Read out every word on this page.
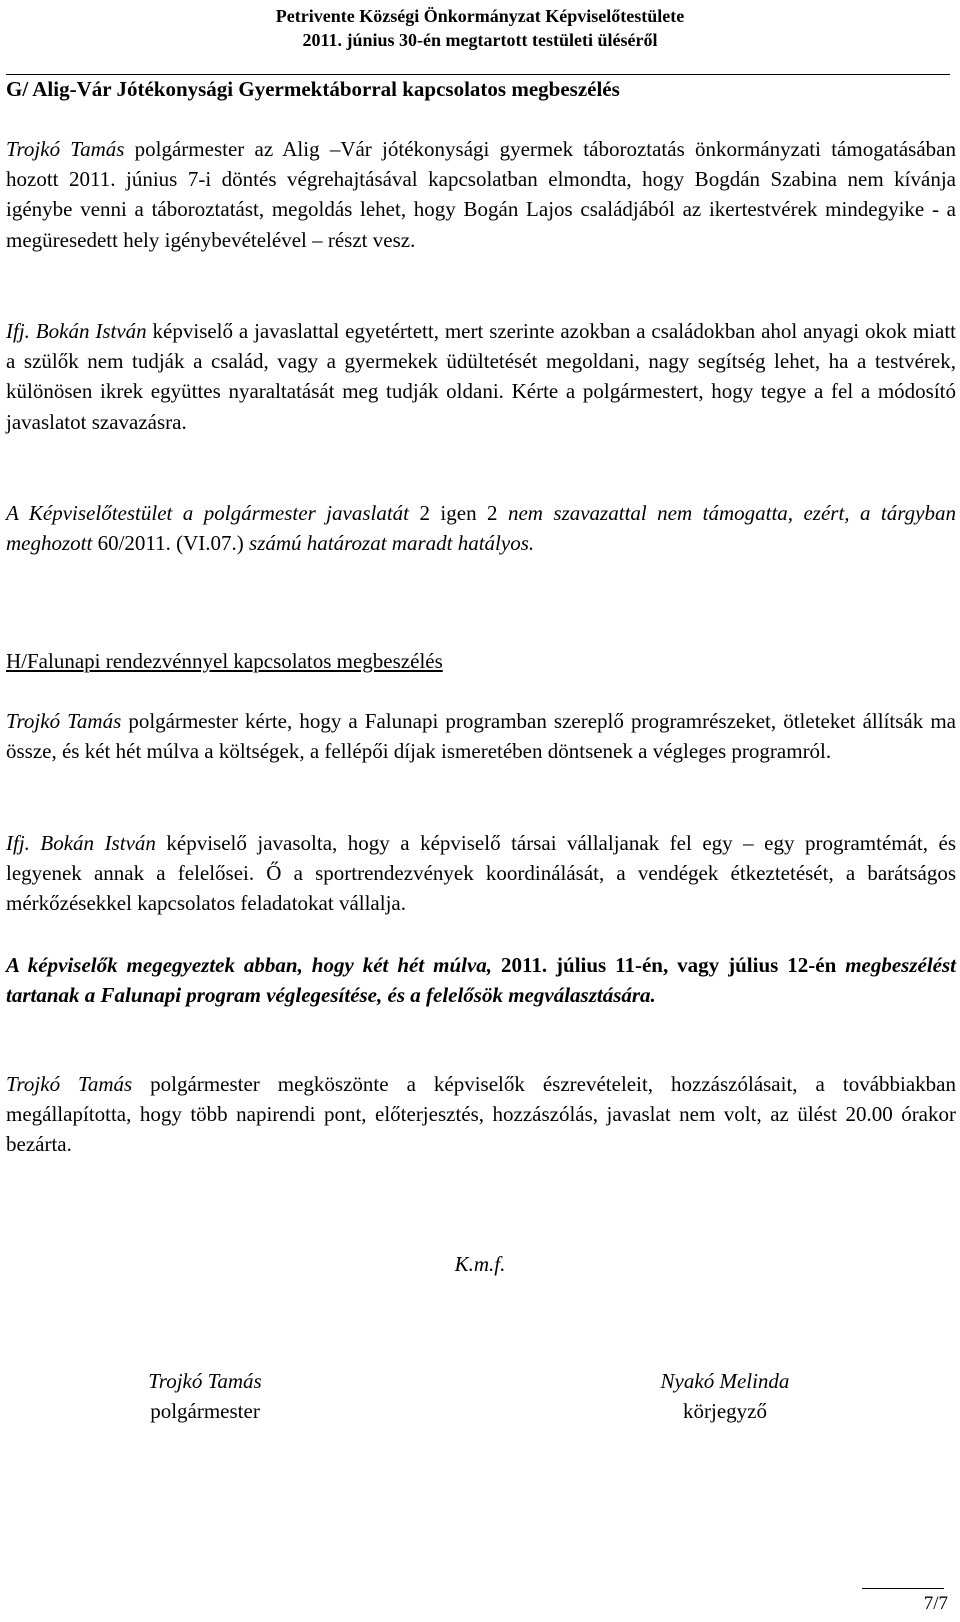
Petrivente Községi Önkormányzat Képviselőtestülete
2011. június 30-én megtartott testületi üléséről
G/ Alig-Vár Jótékonysági Gyermektáborral kapcsolatos megbeszélés
Trojkó Tamás polgármester az Alig –Vár jótékonysági gyermek táboroztatás önkormányzati támogatásában hozott 2011. június 7-i döntés végrehajtásával kapcsolatban elmondta, hogy Bogdán Szabina nem kívánja igénybe venni a táboroztatást, megoldás lehet, hogy Bogán Lajos családjából az ikertestvérek mindegyike - a megüresedett hely igénybevételével – részt vesz.
Ifj. Bokán István képviselő a javaslattal egyetértett, mert szerinte azokban a családokban ahol anyagi okok miatt a szülők nem tudják a család, vagy a gyermekek üdültetését megoldani, nagy segítség lehet, ha a testvérek, különösen ikrek együttes nyaraltatását meg tudják oldani. Kérte a polgármestert, hogy tegye a fel a módosító javaslatot szavazásra.
A Képviselőtestület a polgármester javaslatát 2 igen 2 nem szavazattal nem támogatta, ezért, a tárgyban meghozott 60/2011. (VI.07.) számú határozat maradt hatályos.
H/Falunapi rendezvénnyel kapcsolatos megbeszélés
Trojkó Tamás polgármester kérte, hogy a Falunapi programban szereplő programrészeket, ötleteket állítsák ma össze, és két hét múlva a költségek, a fellépői díjak ismeretében döntsenek a végleges programról.
Ifj. Bokán István képviselő javasolta, hogy a képviselő társai vállaljanak fel egy – egy programtémát, és legyenek annak a felelősei. Ő a sportrendezvények koordinálását, a vendégek étkeztetését, a barátságos mérkőzésekkel kapcsolatos feladatokat vállalja.
A képviselők megegyeztek abban, hogy két hét múlva, 2011. július 11-én, vagy július 12-én megbeszélést tartanak a Falunapi program véglegesítése, és a felelősök megválasztására.
Trojkó Tamás polgármester megköszönte a képviselők észrevételeit, hozzászólásait, a továbbiakban megállapította, hogy több napirendi pont, előterjesztés, hozzászólás, javaslat nem volt, az ülést 20.00 órakor bezárta.
K.m.f.
Trojkó Tamás
polgármester
Nyakó Melinda
körjegyző
7/7
